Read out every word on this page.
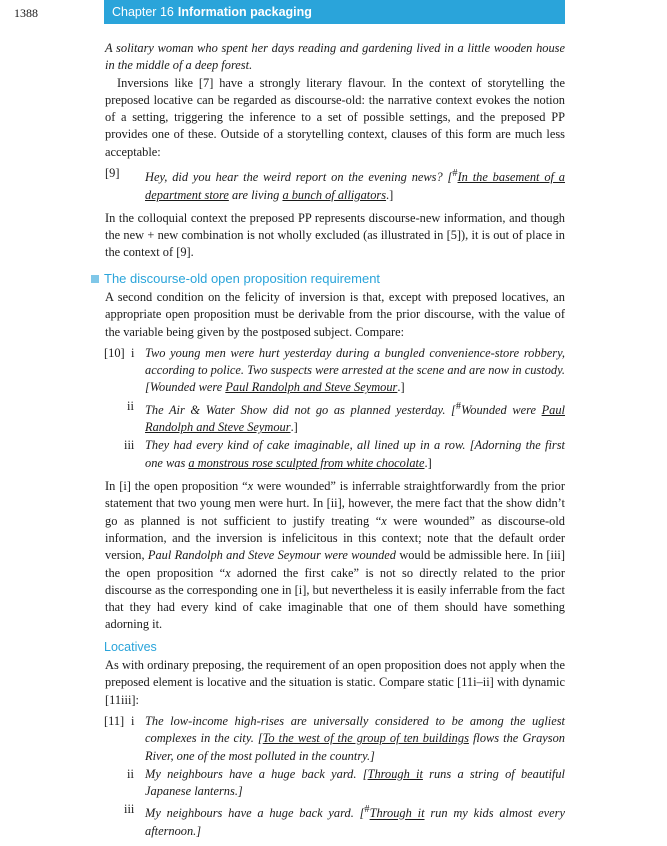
1388	Chapter 16 Information packaging

A solitary woman who spent her days reading and gardening lived in a little wooden house in the middle of a deep forest.

Inversions like [7] have a strongly literary flavour. In the context of storytelling the preposed locative can be regarded as discourse-old: the narrative context evokes the notion of a setting, triggering the inference to a set of possible settings, and the preposed PP provides one of these. Outside of a storytelling context, clauses of this form are much less acceptable:

[9] Hey, did you hear the weird report on the evening news? [#In the basement of a department store are living a bunch of alligators.]

In the colloquial context the preposed PP represents discourse-new information, and though the new + new combination is not wholly excluded (as illustrated in [5]), it is out of place in the context of [9].

The discourse-old open proposition requirement

A second condition on the felicity of inversion is that, except with preposed locatives, an appropriate open proposition must be derivable from the prior discourse, with the value of the variable being given by the postposed subject. Compare:

[10] i Two young men were hurt yesterday during a bungled convenience-store robbery, according to police. Two suspects were arrested at the scene and are now in custody. [Wounded were Paul Randolph and Steve Seymour.]
ii The Air & Water Show did not go as planned yesterday. [#Wounded were Paul Randolph and Steve Seymour.]
iii They had every kind of cake imaginable, all lined up in a row. [Adorning the first one was a monstrous rose sculpted from white chocolate.]

In [i] the open proposition “x were wounded” is inferrable straightforwardly from the prior statement that two young men were hurt. In [ii], however, the mere fact that the show didn’t go as planned is not sufficient to justify treating “x were wounded” as discourse-old information, and the inversion is infelicitous in this context; note that the default order version, Paul Randolph and Steve Seymour were wounded would be admissible here. In [iii] the open proposition “x adorned the first cake” is not so directly related to the prior discourse as the corresponding one in [i], but nevertheless it is easily inferrable from the fact that they had every kind of cake imaginable that one of them should have something adorning it.

Locatives

As with ordinary preposing, the requirement of an open proposition does not apply when the preposed element is locative and the situation is static. Compare static [11i–ii] with dynamic [11iii]:

[11] i The low-income high-rises are universally considered to be among the ugliest complexes in the city. [To the west of the group of ten buildings flows the Grayson River, one of the most polluted in the country.]
ii My neighbours have a huge back yard. [Through it runs a string of beautiful Japanese lanterns.]
iii My neighbours have a huge back yard. [#Through it run my kids almost every afternoon.]
